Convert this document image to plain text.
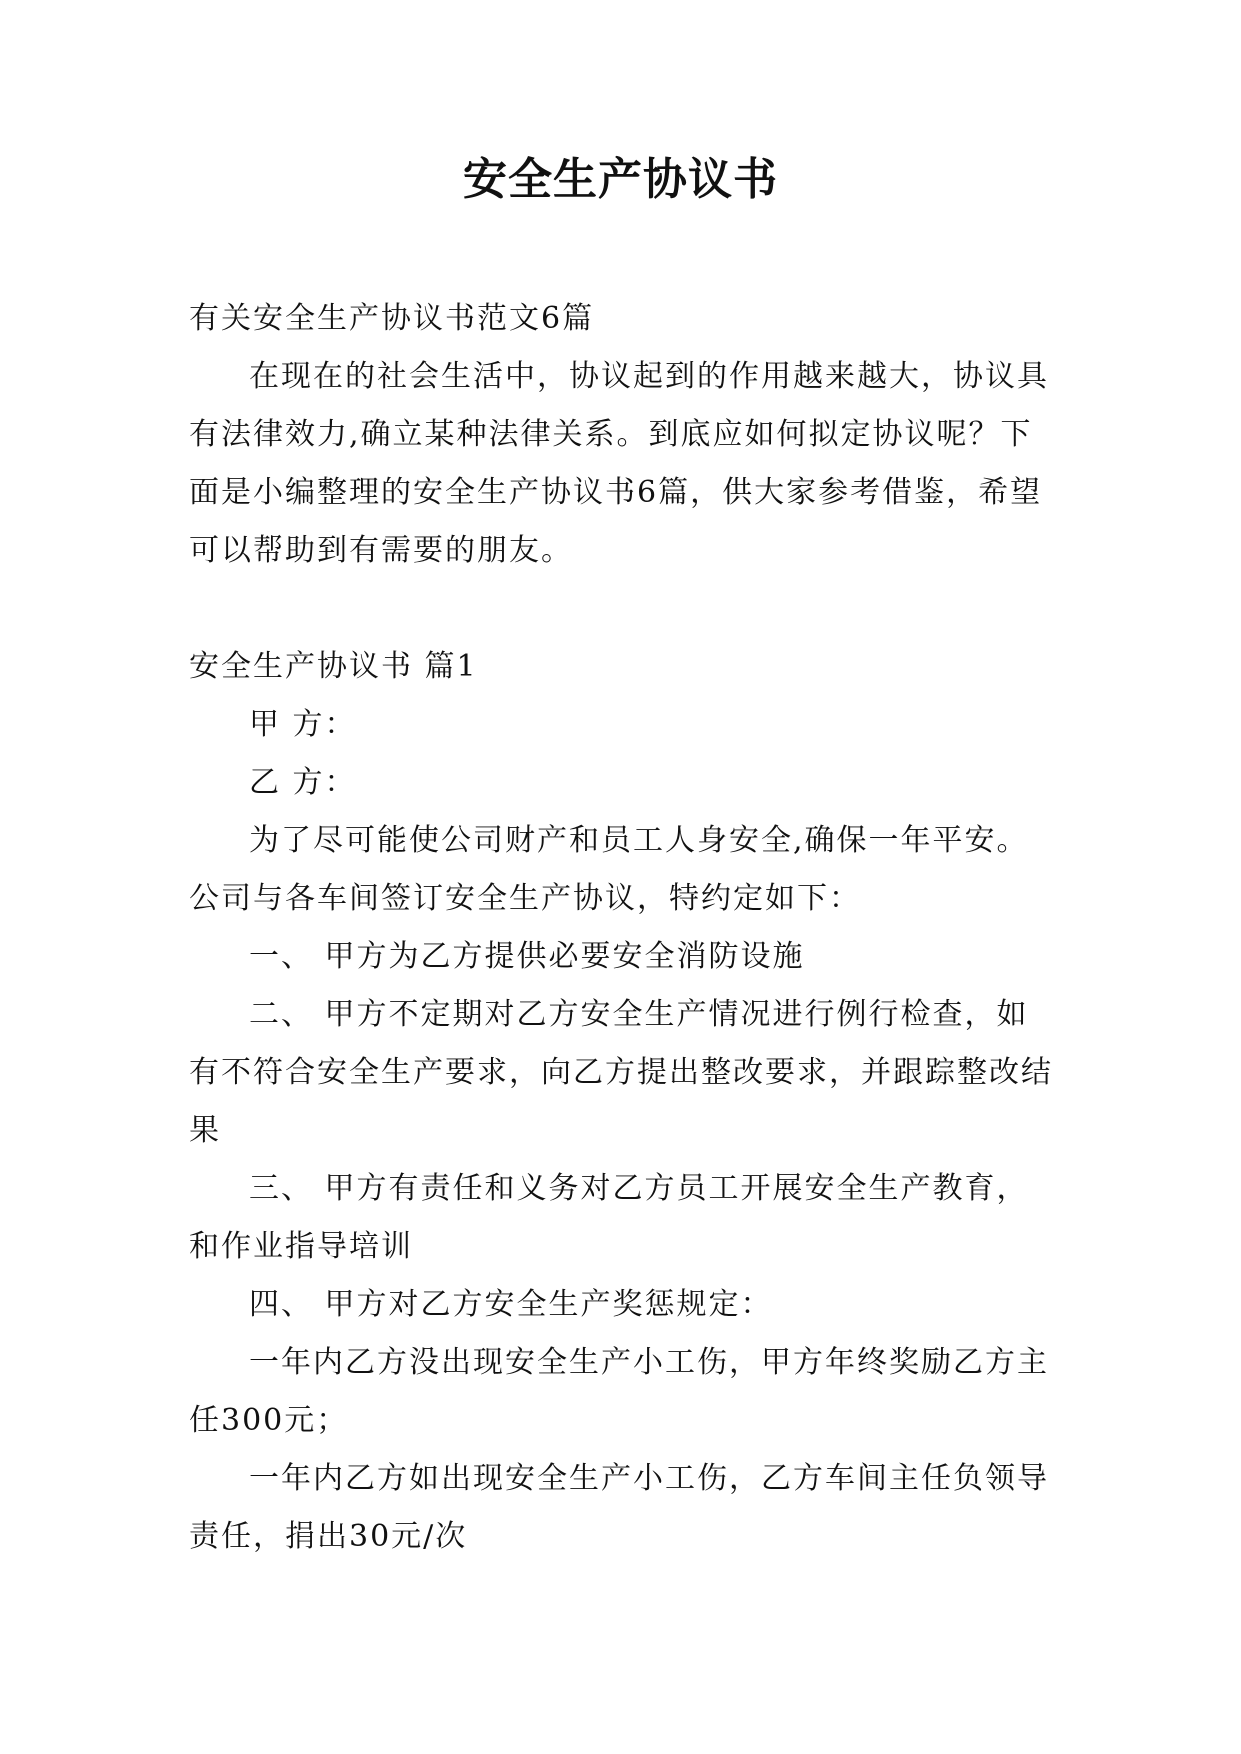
安全生产协议书

有关安全生产协议书范文6篇

在现在的社会生活中，协议起到的作用越来越大，协议具有法律效力,确立某种法律关系。到底应如何拟定协议呢？下面是小编整理的安全生产协议书6篇，供大家参考借鉴，希望可以帮助到有需要的朋友。

安全生产协议书 篇1

甲 方：

乙 方：

为了尽可能使公司财产和员工人身安全,确保一年平安。公司与各车间签订安全生产协议，特约定如下：

一、 甲方为乙方提供必要安全消防设施

二、 甲方不定期对乙方安全生产情况进行例行检查，如有不符合安全生产要求，向乙方提出整改要求，并跟踪整改结果

三、 甲方有责任和义务对乙方员工开展安全生产教育，和作业指导培训

四、 甲方对乙方安全生产奖惩规定：

一年内乙方没出现安全生产小工伤，甲方年终奖励乙方主任300元；

一年内乙方如出现安全生产小工伤，乙方车间主任负领导责任，捐出30元/次
